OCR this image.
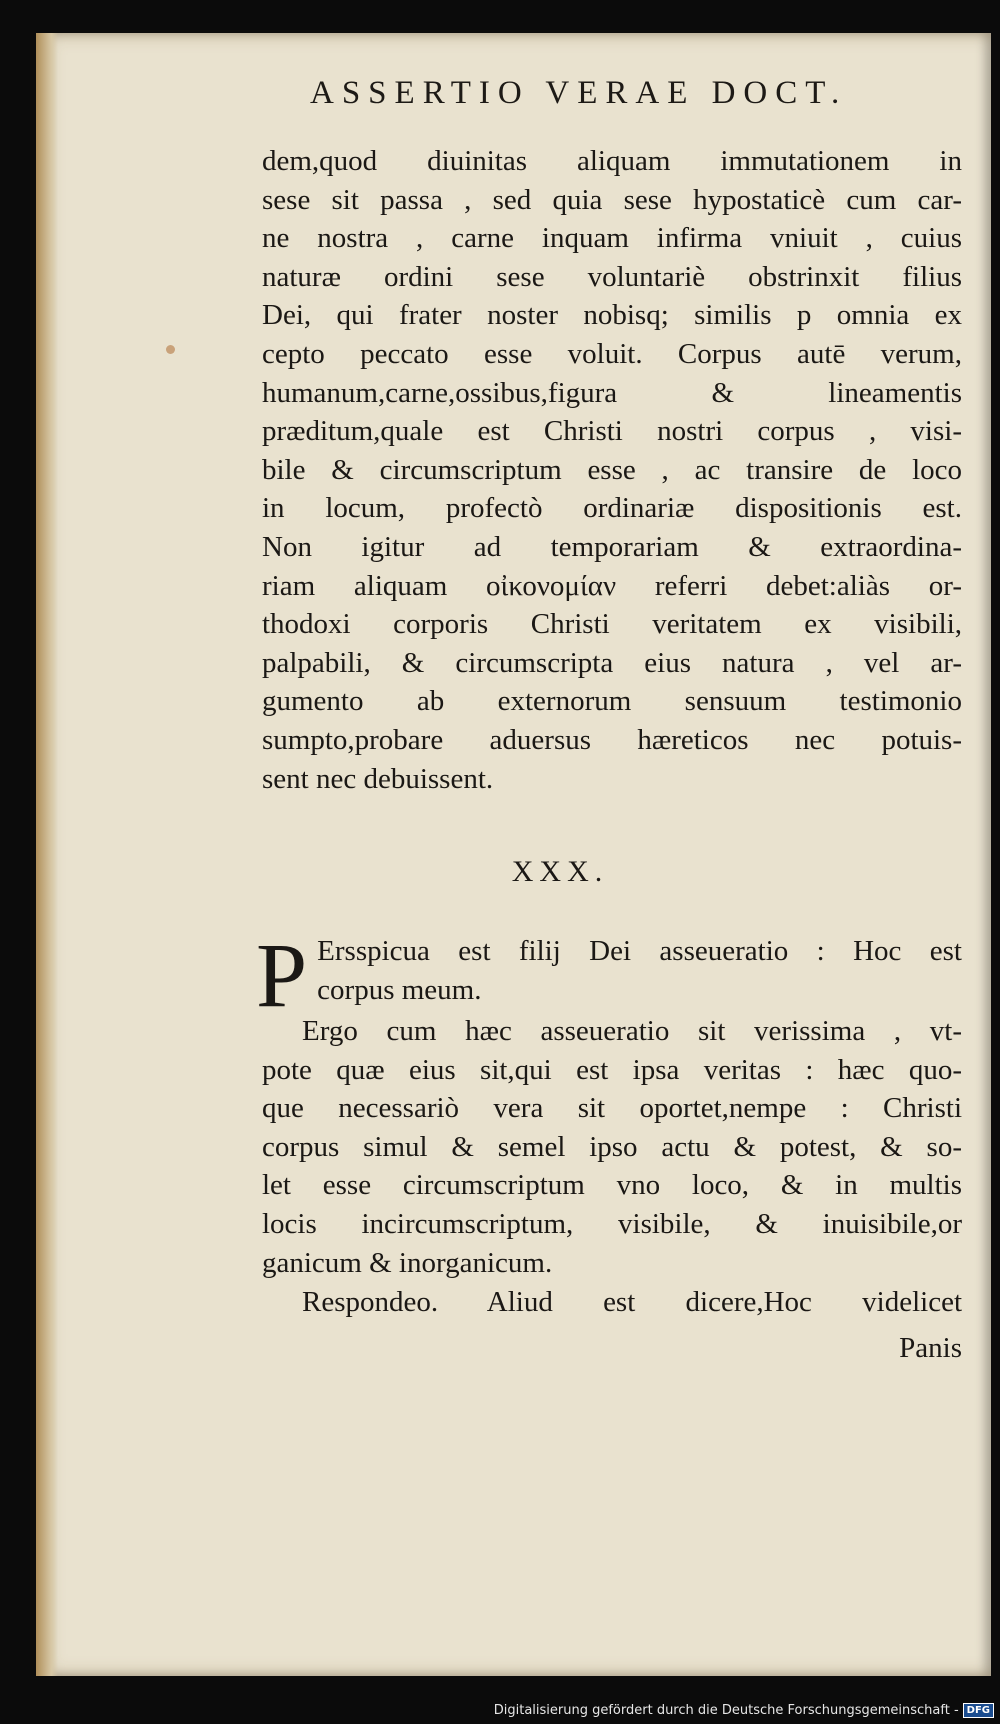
ASSERTIO VERAE DOCT.
dem,quod diuinitas aliquam immutationem in
sese sit passa , sed quia sese hypostaticè cum car-
ne nostra , carne inquam infirma vniuit , cuius
naturæ ordini sese voluntariè obstrinxit filius
Dei, qui frater noster nobisq; similis p omnia ex
cepto peccato esse voluit. Corpus autē verum,
humanum,carne,ossibus,figura & lineamentis
præditum,quale est Christi nostri corpus , visi-
bile & circumscriptum esse , ac transire de loco
in locum, profectò ordinariæ dispositionis est.
Non igitur ad temporariam & extraordina-
riam aliquam οἰκονομίαν referri debet:aliàs or-
thodoxi corporis Christi veritatem ex visibili,
palpabili, & circumscripta eius natura , vel ar-
gumento ab externorum sensuum testimonio
sumpto,probare aduersus hæreticos nec potuis-
sent nec debuissent.
XXX.
P Ersspicua est filij Dei asseueratio : Hoc est
corpus meum.
Ergo cum hæc asseueratio sit verissima , vt-
pote quæ eius sit,qui est ipsa veritas : hæc quo-
que necessariò vera sit oportet,nempe : Christi
corpus simul & semel ipso actu & potest, & so-
let esse circumscriptum vno loco, & in multis
locis incircumscriptum, visibile, & inuisibile,or
ganicum & inorganicum.
Respondeo. Aliud est dicere,Hoc videlicet
Panis
Digitalisierung gefördert durch die Deutsche Forschungsgemeinschaft - DFG
